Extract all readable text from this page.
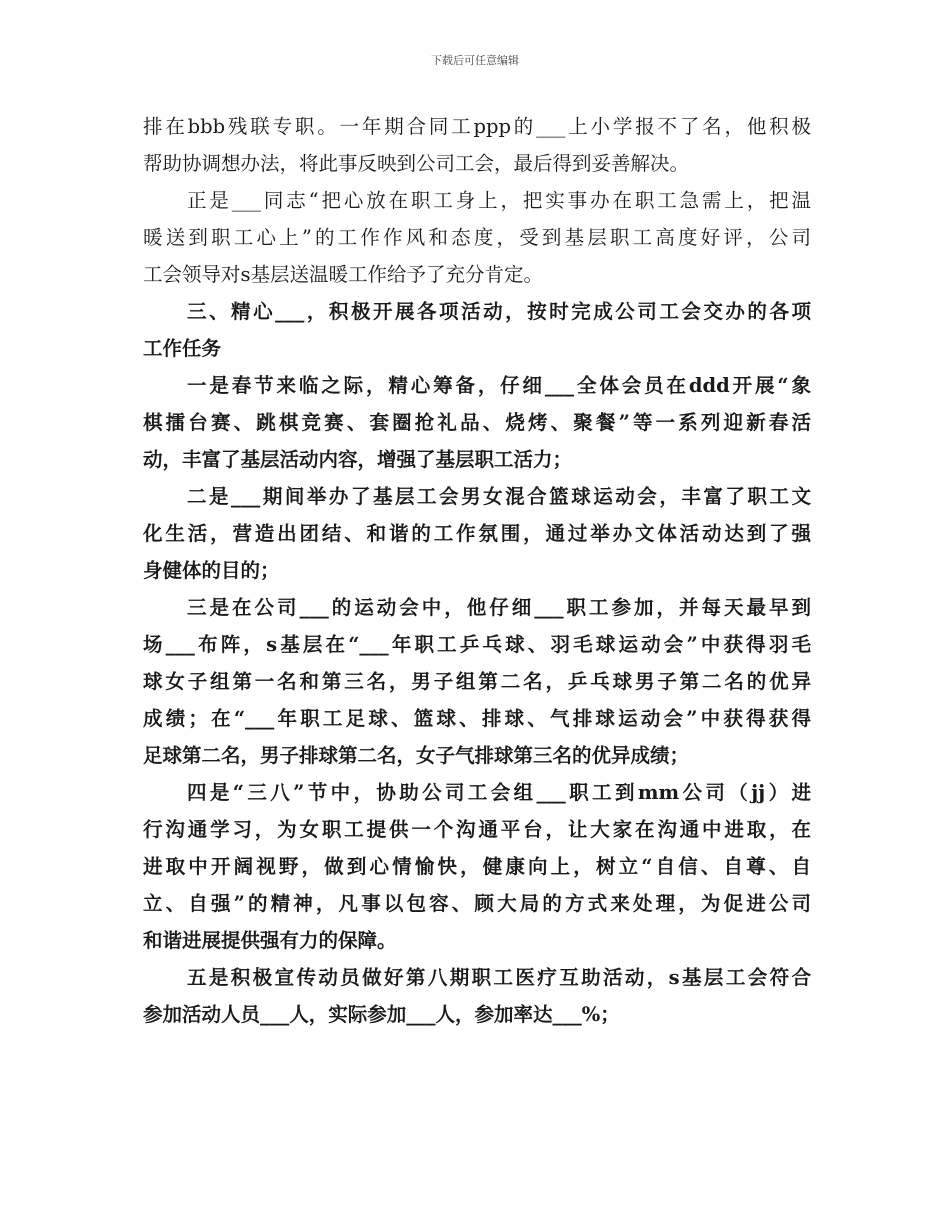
下载后可任意编辑
排在bbb残联专职。一年期合同工ppp的___上小学报不了名，他积极
帮助协调想办法，将此事反映到公司工会，最后得到妥善解决。
正是___同志“把心放在职工身上，把实事办在职工急需上，把温
暖送到职工心上”的工作作风和态度，受到基层职工高度好评，公司
工会领导对s基层送温暖工作给予了充分肯定。
三、精心___，积极开展各项活动，按时完成公司工会交办的各项
工作任务
一是春节来临之际，精心筹备，仔细___全体会员在ddd开展“象
棋擂台赛、跳棋竞赛、套圈抢礼品、烧烤、聚餐”等一系列迎新春活
动，丰富了基层活动内容，增强了基层职工活力；
二是___期间举办了基层工会男女混合篮球运动会，丰富了职工文
化生活，营造出团结、和谐的工作氛围，通过举办文体活动达到了强
身健体的目的；
三是在公司___的运动会中，他仔细___职工参加，并每天最早到
场___布阵，s基层在“___年职工乒乓球、羽毛球运动会”中获得羽毛
球女子组第一名和第三名，男子组第二名，乒乓球男子第二名的优异
成绩；在“___年职工足球、篮球、排球、气排球运动会”中获得获得
足球第二名，男子排球第二名，女子气排球第三名的优异成绩；
四是“三八”节中，协助公司工会组___职工到mm公司（jj）进
行沟通学习，为女职工提供一个沟通平台，让大家在沟通中进取，在
进取中开阔视野，做到心情愉快，健康向上，树立“自信、自尊、自
立、自强”的精神，凡事以包容、顾大局的方式来处理，为促进公司
和谐进展提供强有力的保障。
五是积极宣传动员做好第八期职工医疗互助活动，s基层工会符合
参加活动人员___人，实际参加___人，参加率达___%；
